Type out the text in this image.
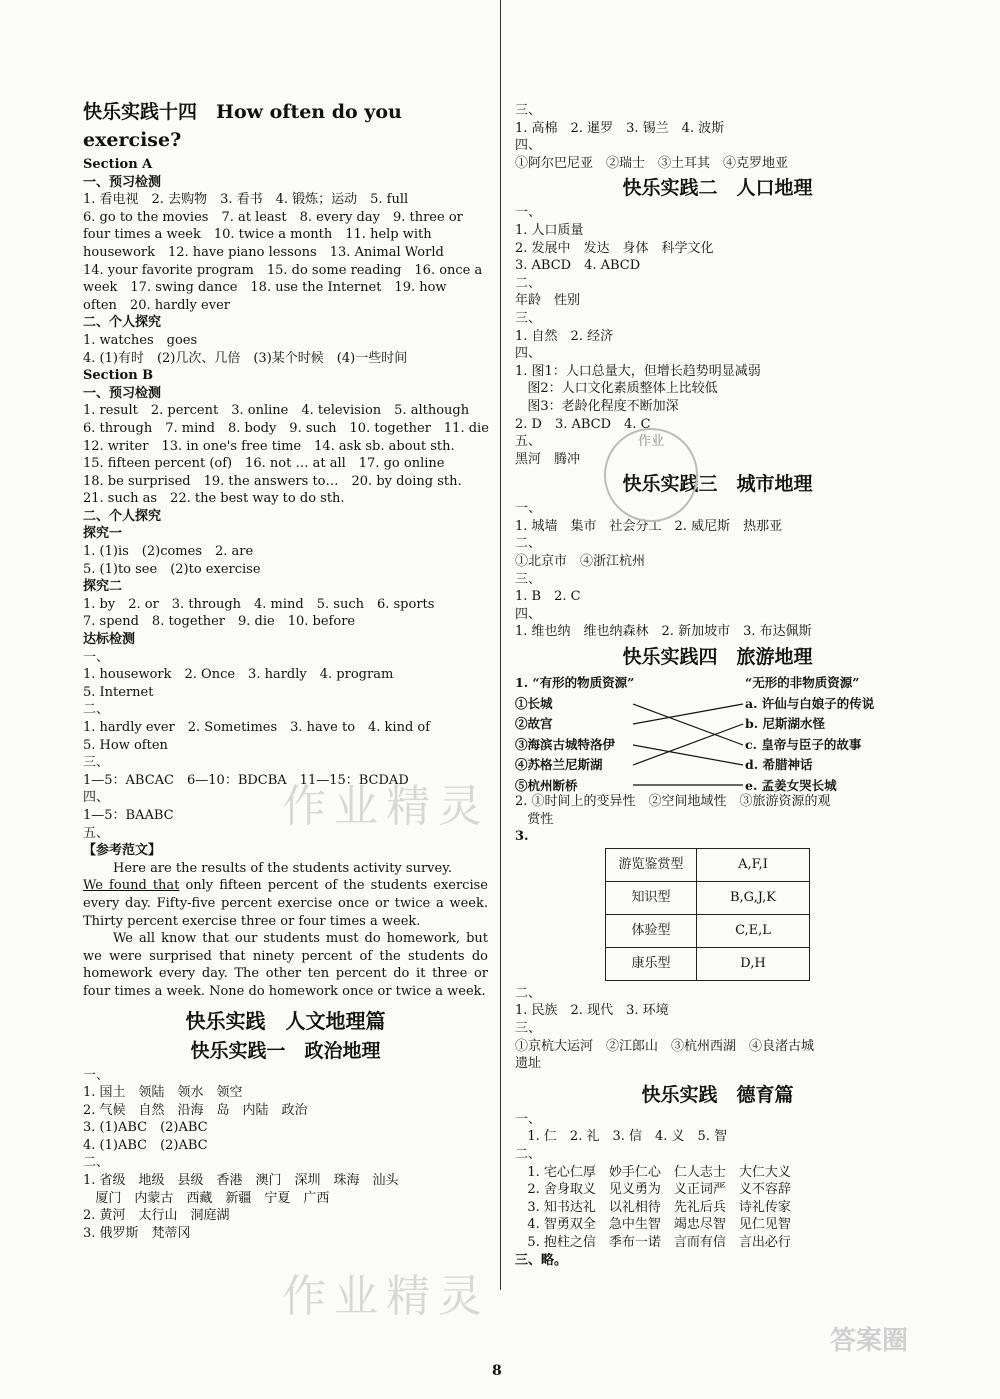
快乐实践十四　How often do you exercise?
Section A
一、预习检测
1. 看电视　2. 去购物　3. 看书　4. 锻炼；运动　5. full
6. go to the movies　7. at least　8. every day　9. three or
four times a week　10. twice a month　11. help with
housework　12. have piano lessons　13. Animal World
14. your favorite program　15. do some reading　16. once a
week　17. swing dance　18. use the Internet　19. how
often　20. hardly ever
二、个人探究
1. watches　goes
4. (1)有时　(2)几次、几倍　(3)某个时候　(4)一些时间
Section B
一、预习检测
1. result　2. percent　3. online　4. television　5. although
6. through　7. mind　8. body　9. such　10. together　11. die
12. writer　13. in one's free time　14. ask sb. about sth.
15. fifteen percent (of)　16. not … at all　17. go online
18. be surprised　19. the answers to…　20. by doing sth.
21. such as　22. the best way to do sth.
二、个人探究
探究一
1. (1)is　(2)comes　2. are
5. (1)to see　(2)to exercise
探究二
1. by　2. or　3. through　4. mind　5. such　6. sports
7. spend　8. together　9. die　10. before
达标检测
一、
1. housework　2. Once　3. hardly　4. program
5. Internet
二、
1. hardly ever　2. Sometimes　3. have to　4. kind of
5. How often
三、
1—5：ABCAC　6—10：BDCBA　11—15：BCDAD
四、
1—5：BAABC
五、
【参考范文】
Here are the results of the students activity survey.
We found that only fifteen percent of the students exercise every day. Fifty-five percent exercise once or twice a week. Thirty percent exercise three or four times a week.
We all know that our students must do homework, but we were surprised that ninety percent of the students do homework every day. The other ten percent do it three or four times a week. None do homework once or twice a week.
快乐实践　人文地理篇
快乐实践一　政治地理
一、
1. 国土　领陆　领水　领空
2. 气候　自然　沿海　岛　内陆　政治
3. (1)ABC　(2)ABC
4. (1)ABC　(2)ABC
二、
1. 省级　地级　县级　香港　澳门　深圳　珠海　汕头
厦门　内蒙古　西藏　新疆　宁夏　广西
2. 黄河　太行山　洞庭湖
3. 俄罗斯　梵蒂冈
三、
1. 高棉　2. 暹罗　3. 锡兰　4. 波斯
四、
①阿尔巴尼亚　②瑞士　③土耳其　④克罗地亚
快乐实践二　人口地理
一、
1. 人口质量
2. 发展中　发达　身体　科学文化
3. ABCD　4. ABCD
二、
年龄　性别
三、
1. 自然　2. 经济
四、
1. 图1：人口总量大，但增长趋势明显减弱
图2：人口文化素质整体上比较低
图3：老龄化程度不断加深
2. D　3. ABCD　4. C
五、
黑河　腾冲
快乐实践三　城市地理
一、
1. 城墙　集市　社会分工　2. 威尼斯　热那亚
二、
①北京市　④浙江杭州
三、
1. B　2. C
四、
1. 维也纳　维也纳森林　2. 新加坡市　3. 布达佩斯
快乐实践四　旅游地理
1. “有形的物质资源”
①长城
②故宫
③海滨古城特洛伊
④苏格兰尼斯湖
⑤杭州断桥
“无形的非物质资源”
a. 许仙与白娘子的传说
b. 尼斯湖水怪
c. 皇帝与臣子的故事
d. 希腊神话
e. 孟姜女哭长城
2. ①时间上的变异性　②空间地域性　③旅游资源的观
赏性
3.
游览鉴赏型	A,F,I
知识型	B,G,J,K
体验型	C,E,L
康乐型	D,H
二、
1. 民族　2. 现代　3. 环境
三、
①京杭大运河　②江郎山　③杭州西湖　④良渚古城
遗址
快乐实践　德育篇
一、
1. 仁　2. 礼　3. 信　4. 义　5. 智
二、
1. 宅心仁厚　妙手仁心　仁人志士　大仁大义
2. 舍身取义　见义勇为　义正词严　义不容辞
3. 知书达礼　以礼相待　先礼后兵　诗礼传家
4. 智勇双全　急中生智　竭忠尽智　见仁见智
5. 抱柱之信　季布一诺　言而有信　言出必行
三、略。
作业
作业精灵
作业精灵
答案圈
8
